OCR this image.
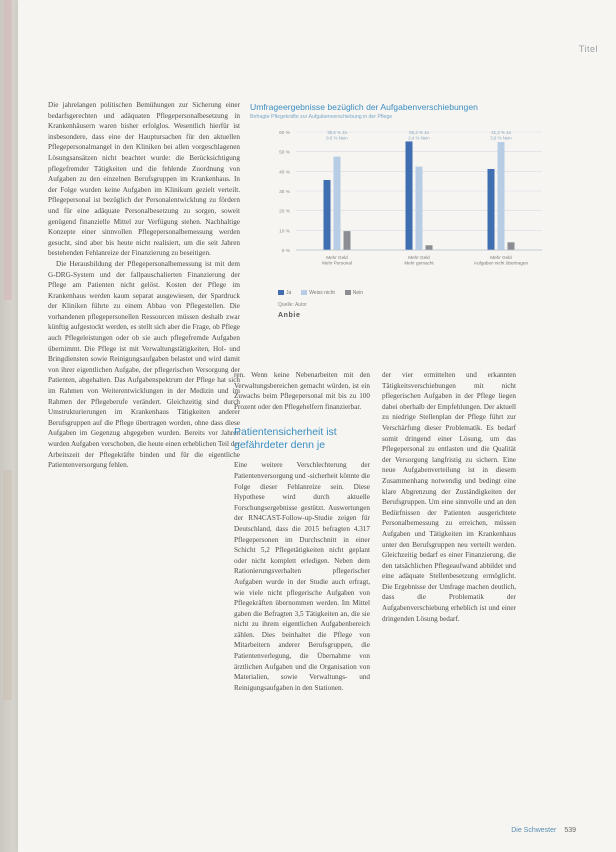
Titel

Die jahrelangen politischen Bemühungen zur Sicherung einer bedarfsgerechten und adäquaten Pflegepersonalbesetzung in Krankenhäusern waren bisher erfolglos. Wesentlich hierfür ist insbesondere, dass eine der Hauptursachen für den aktuellen Pflegepersonalmangel in den Kliniken bei allen vorgeschlagenen Lösungsansätzen nicht beachtet wurde: die Berücksichtigung pflegefremder Tätigkeiten und die fehlende Zuordnung von Aufgaben zu den einzelnen Berufsgruppen im Krankenhaus. In der Folge wurden keine Aufgaben im Klinikum gezielt verteilt. Pflegepersonal ist bezüglich der Personalentwicklung zu fördern und für eine adäquate Personalbesetzung zu sorgen, soweit genügend finanzielle Mittel zur Verfügung stehen. Nachhaltige Konzepte einer sinnvollen Pflegepersonalbemessung werden gesucht, sind aber bis heute nicht realisiert, um die seit Jahren bestehenden Fehlanreize der Finanzierung zu beseitigen.

Die Herausbildung der Pflegepersonalbemessung ist mit dem G-DRG-System und der fallpauschalierten Finanzierung der Pflege am Patienten nicht gelöst. Kosten der Pflege im Krankenhaus werden kaum separat ausgewiesen, der Spardruck der Kliniken führte zu einem Abbau von Pflegestellen. Die vorhandenen pflegepersonellen Ressourcen müssen deshalb zwar künftig aufgestockt werden, es stellt sich aber die Frage, ob Pflege auch Pflegeleistungen oder ob sie auch pflegefremde Aufgaben übernimmt. Die Pflege ist mit Verwaltungstätigkeiten, Hol- und Bringdiensten sowie Reinigungsaufgaben belastet und wird damit von ihrer eigentlichen Aufgabe, der pflegerischen Versorgung der Patienten, abgehalten. Das Aufgabenspektrum der Pflege hat sich im Rahmen von Weiterentwicklungen in der Medizin und im Rahmen der Pflegeberufe verändert. Gleichzeitig sind durch Umstrukturierungen im Krankenhaus Tätigkeiten anderer Berufsgruppen auf die Pflege übertragen worden, ohne dass diese Aufgaben im Gegenzug abgegeben wurden. Bereits vor Jahren wurden Aufgaben verschoben, die heute einen erheblichen Teil der Arbeitszeit der Pflegekräfte binden und für die eigentliche Patientenversorgung fehlen.

Umfrageergebnisse bezüglich der Aufgabenverschiebungen

Befragte Pflegekräfte zur Aufgabenverschiebung in der Pflege

0 %
10 %
20 %
30 %
40 %
50 %
60 %	35,6 % Ja
9,6 % Nein
Mehr Geld
Mehr Personal
55,2 % Ja
2,4 % Nein
Mehr Geld
Mehr gemacht
41,2 % Ja
3,9 % Nein
Mehr Geld
Aufgaben nicht übertragen
Ja	Weiss nicht	Nein
Quelle: Autor
Anbie

ren. Wenn keine Nebenarbeiten mit den Verwaltungsbereichen gemacht würden, ist ein Zuwachs beim Pflegepersonal mit bis zu 100 Prozent oder den Pflegehelfern finanzierbar.

Patientensicherheit ist gefährdeter denn je

Eine weitere Verschlechterung der Patientenversorgung und -sicherheit könnte die Folge dieser Fehlanreize sein. Diese Hypothese wird durch aktuelle Forschungsergebnisse gestützt. Auswertungen der RN4CAST-Follow-up-Studie zeigen für Deutschland, dass die 2015 befragten 4.317 Pflegepersonen im Durchschnitt in einer Schicht 5,2 Pflegetätigkeiten nicht geplant oder nicht komplett erledigen. Neben dem Rationierungsverhalten pflegerischer Aufgaben wurde in der Studie auch erfragt, wie viele nicht pflegerische Aufgaben von Pflegekräften übernommen werden. Im Mittel gaben die Befragten 3,5 Tätigkeiten an, die sie nicht zu ihrem eigentlichen Aufgabenbereich zählen. Dies beinhaltet die Pflege von Mitarbeitern anderer Berufsgruppen, die Patientenverlegung, die Übernahme von ärztlichen Aufgaben und die Organisation von Materialien, sowie Verwaltungs- und Reinigungsaufgaben in den Stationen.

der vier ermittelten und erkannten Tätigkeitsverschiebungen mit nicht pflegerischen Aufgaben in der Pflege liegen dabei oberhalb der Empfehlungen. Der aktuell zu niedrige Stellenplan der Pflege führt zur Verschärfung dieser Problematik. Es bedarf somit dringend einer Lösung, um das Pflegepersonal zu entlasten und die Qualität der Versorgung langfristig zu sichern. Eine neue Aufgabenverteilung ist in diesem Zusammenhang notwendig und bedingt eine klare Abgrenzung der Zuständigkeiten der Berufsgruppen. Um eine sinnvolle und an den Bedürfnissen der Patienten ausgerichtete Personalbemessung zu erreichen, müssen Aufgaben und Tätigkeiten im Krankenhaus unter den Berufsgruppen neu verteilt werden. Gleichzeitig bedarf es einer Finanzierung, die den tatsächlichen Pflegeaufwand abbildet und eine adäquate Stellenbesetzung ermöglicht. Die Ergebnisse der Umfrage machen deutlich, dass die Problematik der Aufgabenverschiebung erheblich ist und einer dringenden Lösung bedarf.

Die Schwester 539
